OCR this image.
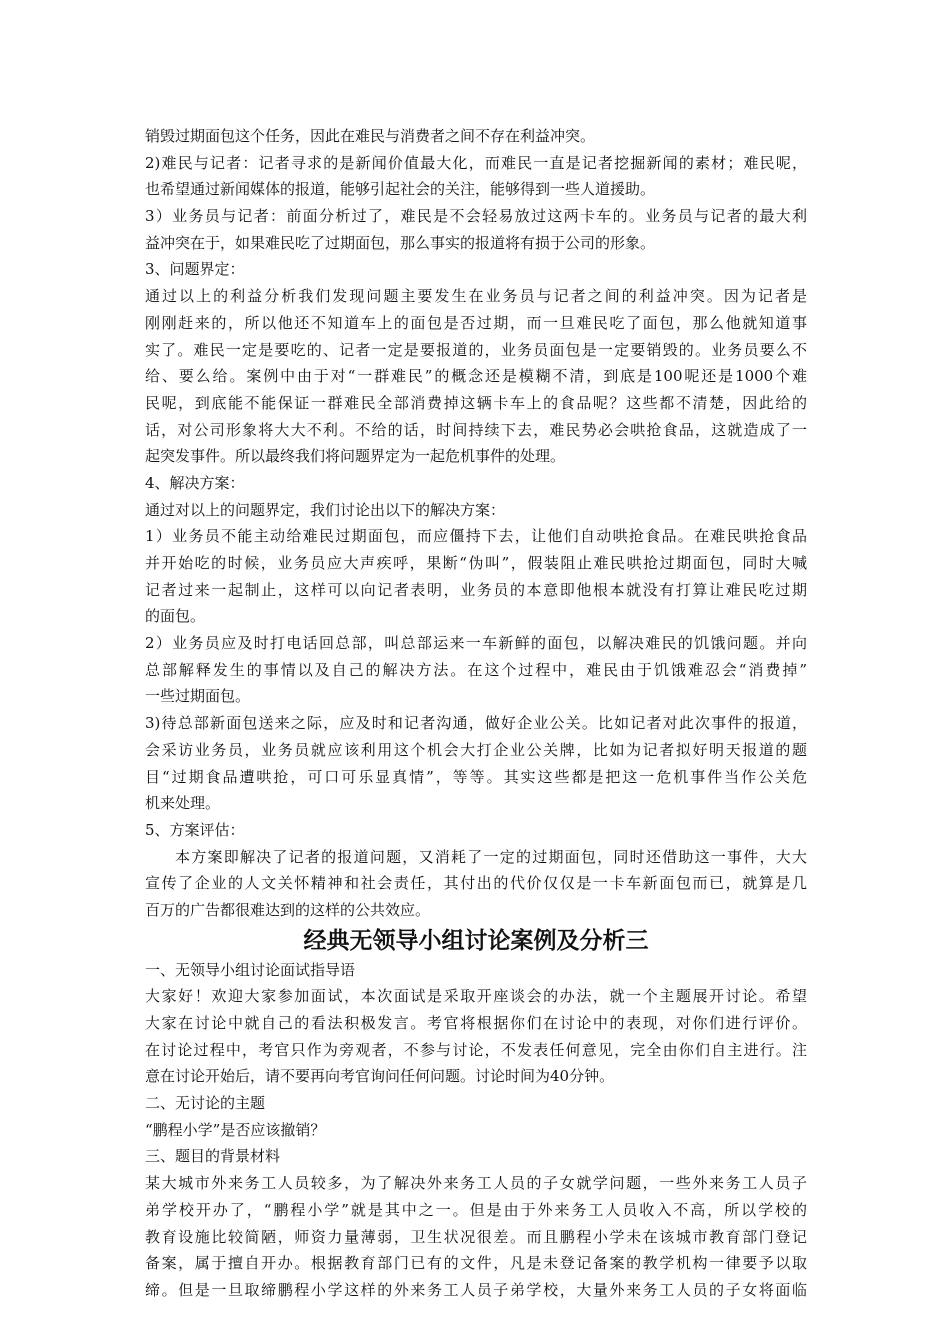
销毁过期面包这个任务，因此在难民与消费者之间不存在利益冲突。
2)难民与记者：记者寻求的是新闻价值最大化，而难民一直是记者挖掘新闻的素材；难民呢，
也希望通过新闻媒体的报道，能够引起社会的关注，能够得到一些人道援助。
3）业务员与记者：前面分析过了，难民是不会轻易放过这两卡车的。业务员与记者的最大利
益冲突在于，如果难民吃了过期面包，那么事实的报道将有损于公司的形象。
3、问题界定：
通过以上的利益分析我们发现问题主要发生在业务员与记者之间的利益冲突。因为记者是
刚刚赶来的，所以他还不知道车上的面包是否过期，而一旦难民吃了面包，那么他就知道事
实了。难民一定是要吃的、记者一定是要报道的，业务员面包是一定要销毁的。业务员要么不
给、要么给。案例中由于对“一群难民”的概念还是模糊不清，到底是100呢还是1000个难
民呢，到底能不能保证一群难民全部消费掉这辆卡车上的食品呢？这些都不清楚，因此给的
话，对公司形象将大大不利。不给的话，时间持续下去，难民势必会哄抢食品，这就造成了一
起突发事件。所以最终我们将问题界定为一起危机事件的处理。
4、解决方案：
通过对以上的问题界定，我们讨论出以下的解决方案：
1）业务员不能主动给难民过期面包，而应僵持下去，让他们自动哄抢食品。在难民哄抢食品
并开始吃的时候，业务员应大声疾呼，果断“伪叫”，假装阻止难民哄抢过期面包，同时大喊
记者过来一起制止，这样可以向记者表明，业务员的本意即他根本就没有打算让难民吃过期
的面包。
2）业务员应及时打电话回总部，叫总部运来一车新鲜的面包，以解决难民的饥饿问题。并向
总部解释发生的事情以及自己的解决方法。在这个过程中，难民由于饥饿难忍会“消费掉”
一些过期面包。
3)待总部新面包送来之际，应及时和记者沟通，做好企业公关。比如记者对此次事件的报道，
会采访业务员，业务员就应该利用这个机会大打企业公关牌，比如为记者拟好明天报道的题
目“过期食品遭哄抢，可口可乐显真情”，等等。其实这些都是把这一危机事件当作公关危
机来处理。
5、方案评估：
本方案即解决了记者的报道问题，又消耗了一定的过期面包，同时还借助这一事件，大大
宣传了企业的人文关怀精神和社会责任，其付出的代价仅仅是一卡车新面包而已，就算是几
百万的广告都很难达到的这样的公共效应。
经典无领导小组讨论案例及分析三
一、无领导小组讨论面试指导语
大家好！欢迎大家参加面试，本次面试是采取开座谈会的办法，就一个主题展开讨论。希望
大家在讨论中就自己的看法积极发言。考官将根据你们在讨论中的表现，对你们进行评价。
在讨论过程中，考官只作为旁观者，不参与讨论，不发表任何意见，完全由你们自主进行。注
意在讨论开始后，请不要再向考官询问任何问题。讨论时间为40分钟。
二、无讨论的主题
“鹏程小学”是否应该撤销？
三、题目的背景材料
某大城市外来务工人员较多，为了解决外来务工人员的子女就学问题，一些外来务工人员子
弟学校开办了，“鹏程小学”就是其中之一。但是由于外来务工人员收入不高，所以学校的
教育设施比较简陋，师资力量薄弱，卫生状况很差。而且鹏程小学未在该城市教育部门登记
备案，属于擅自开办。根据教育部门已有的文件，凡是未登记备案的教学机构一律要予以取
缔。但是一旦取缔鹏程小学这样的外来务工人员子弟学校，大量外来务工人员的子女将面临
